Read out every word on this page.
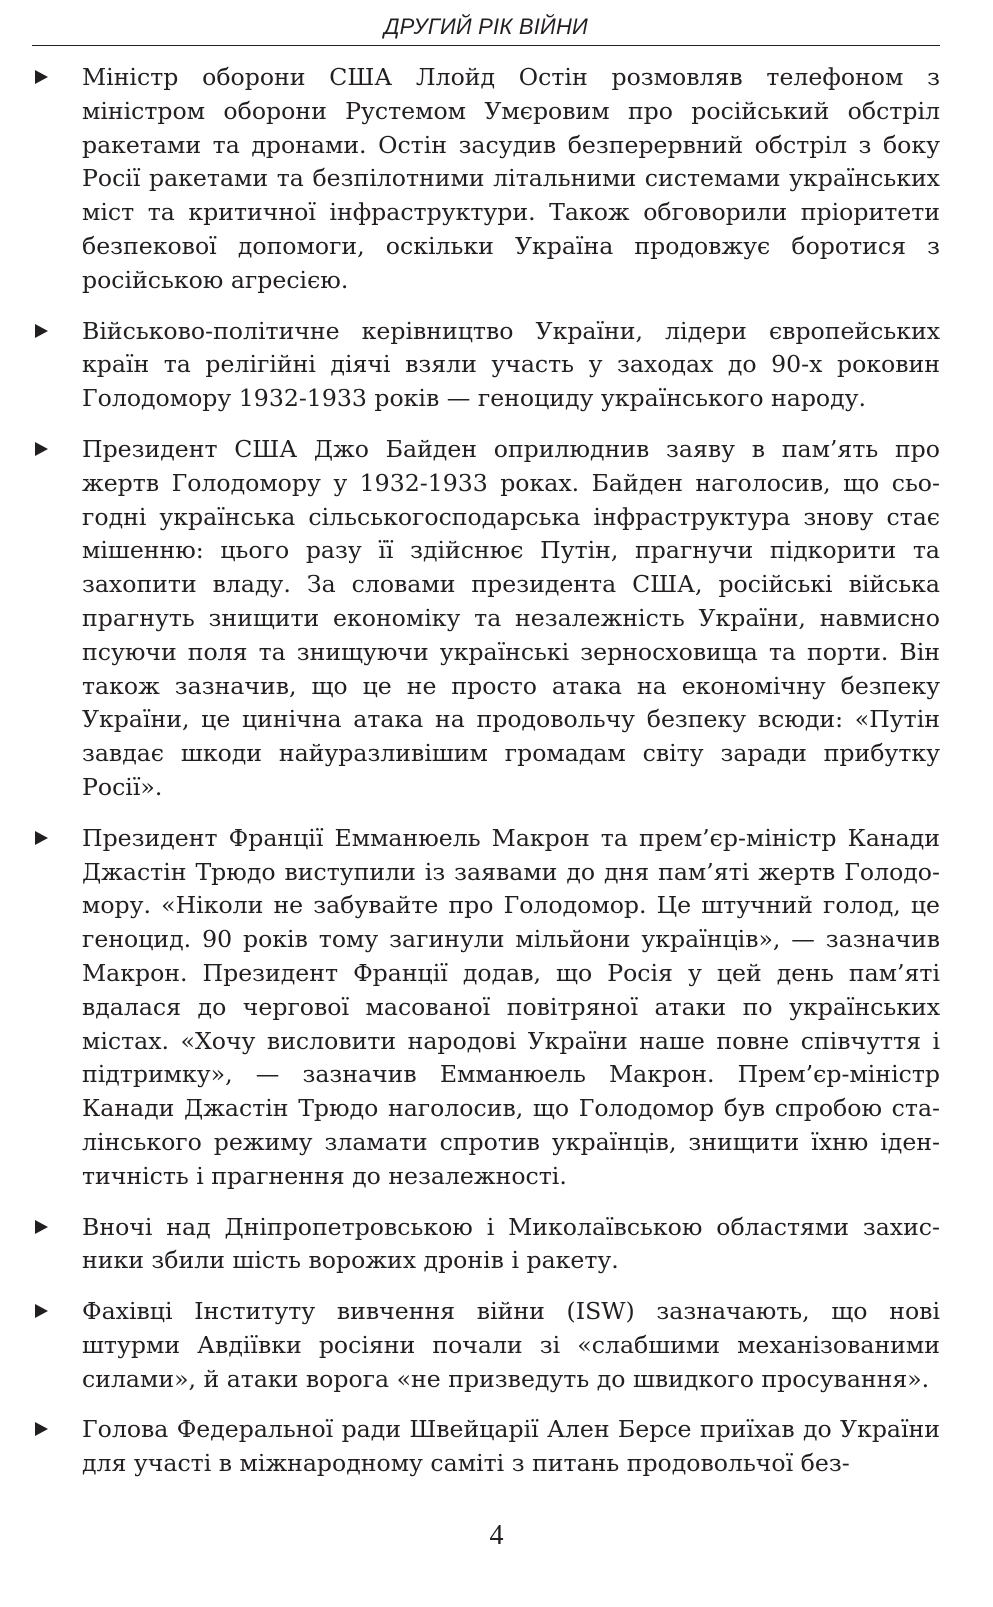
ДРУГИЙ РІК ВІЙНИ
Міністр оборони США Ллойд Остін розмовляв телефоном з міністром оборони Рустемом Умєровим про російський обстріл ракетами та дронами. Остін засудив безперервний обстріл з боку Росії ракетами та безпілотними літальними системами українських міст та критичної інфраструктури. Також обговорили пріоритети безпекової допомоги, оскільки Україна продовжує боротися з російською агресією.
Військово-політичне керівництво України, лідери європейських країн та релігійні діячі взяли участь у заходах до 90-х роковин Голодомору 1932-1933 років — геноциду українського народу.
Президент США Джо Байден оприлюднив заяву в пам’ять про жертв Голодомору у 1932-1933 роках. Байден наголосив, що сьогодні українська сільськогосподарська інфраструктура знову стає мішенню: цього разу її здійснює Путін, прагнучи підкорити та захопити владу. За словами президента США, російські війська прагнуть знищити економіку та незалежність України, навмисно псуючи поля та знищуючи українські зерносховища та порти. Він також зазначив, що це не просто атака на економічну безпеку України, це цинічна атака на продовольчу безпеку всюди: «Путін завдає шкоди найуразливішим громадам світу заради прибутку Росії».
Президент Франції Емманюель Макрон та прем’єр-міністр Канади Джастін Трюдо виступили із заявами до дня пам’яті жертв Голодомору. «Ніколи не забувайте про Голодомор. Це штучний голод, це геноцид. 90 років тому загинули мільйони українців», — зазначив Макрон. Президент Франції додав, що Росія у цей день пам’яті вдалася до чергової масованої повітряної атаки по українських містах. «Хочу висловити народові України наше повне співчуття і підтримку», — зазначив Емманюель Макрон. Прем’єр-міністр Канади Джастін Трюдо наголосив, що Голодомор був спробою сталінського режиму зламати спротив українців, знищити їхню ідентичність і прагнення до незалежності.
Вночі над Дніпропетровською і Миколаївською областями захисники збили шість ворожих дронів і ракету.
Фахівці Інституту вивчення війни (ISW) зазначають, що нові штурми Авдіївки росіяни почали зі «слабшими механізованими силами», й атаки ворога «не призведуть до швидкого просування».
Голова Федеральної ради Швейцарії Ален Берсе приїхав до України для участі в міжнародному саміті з питань продовольчої без-
4
